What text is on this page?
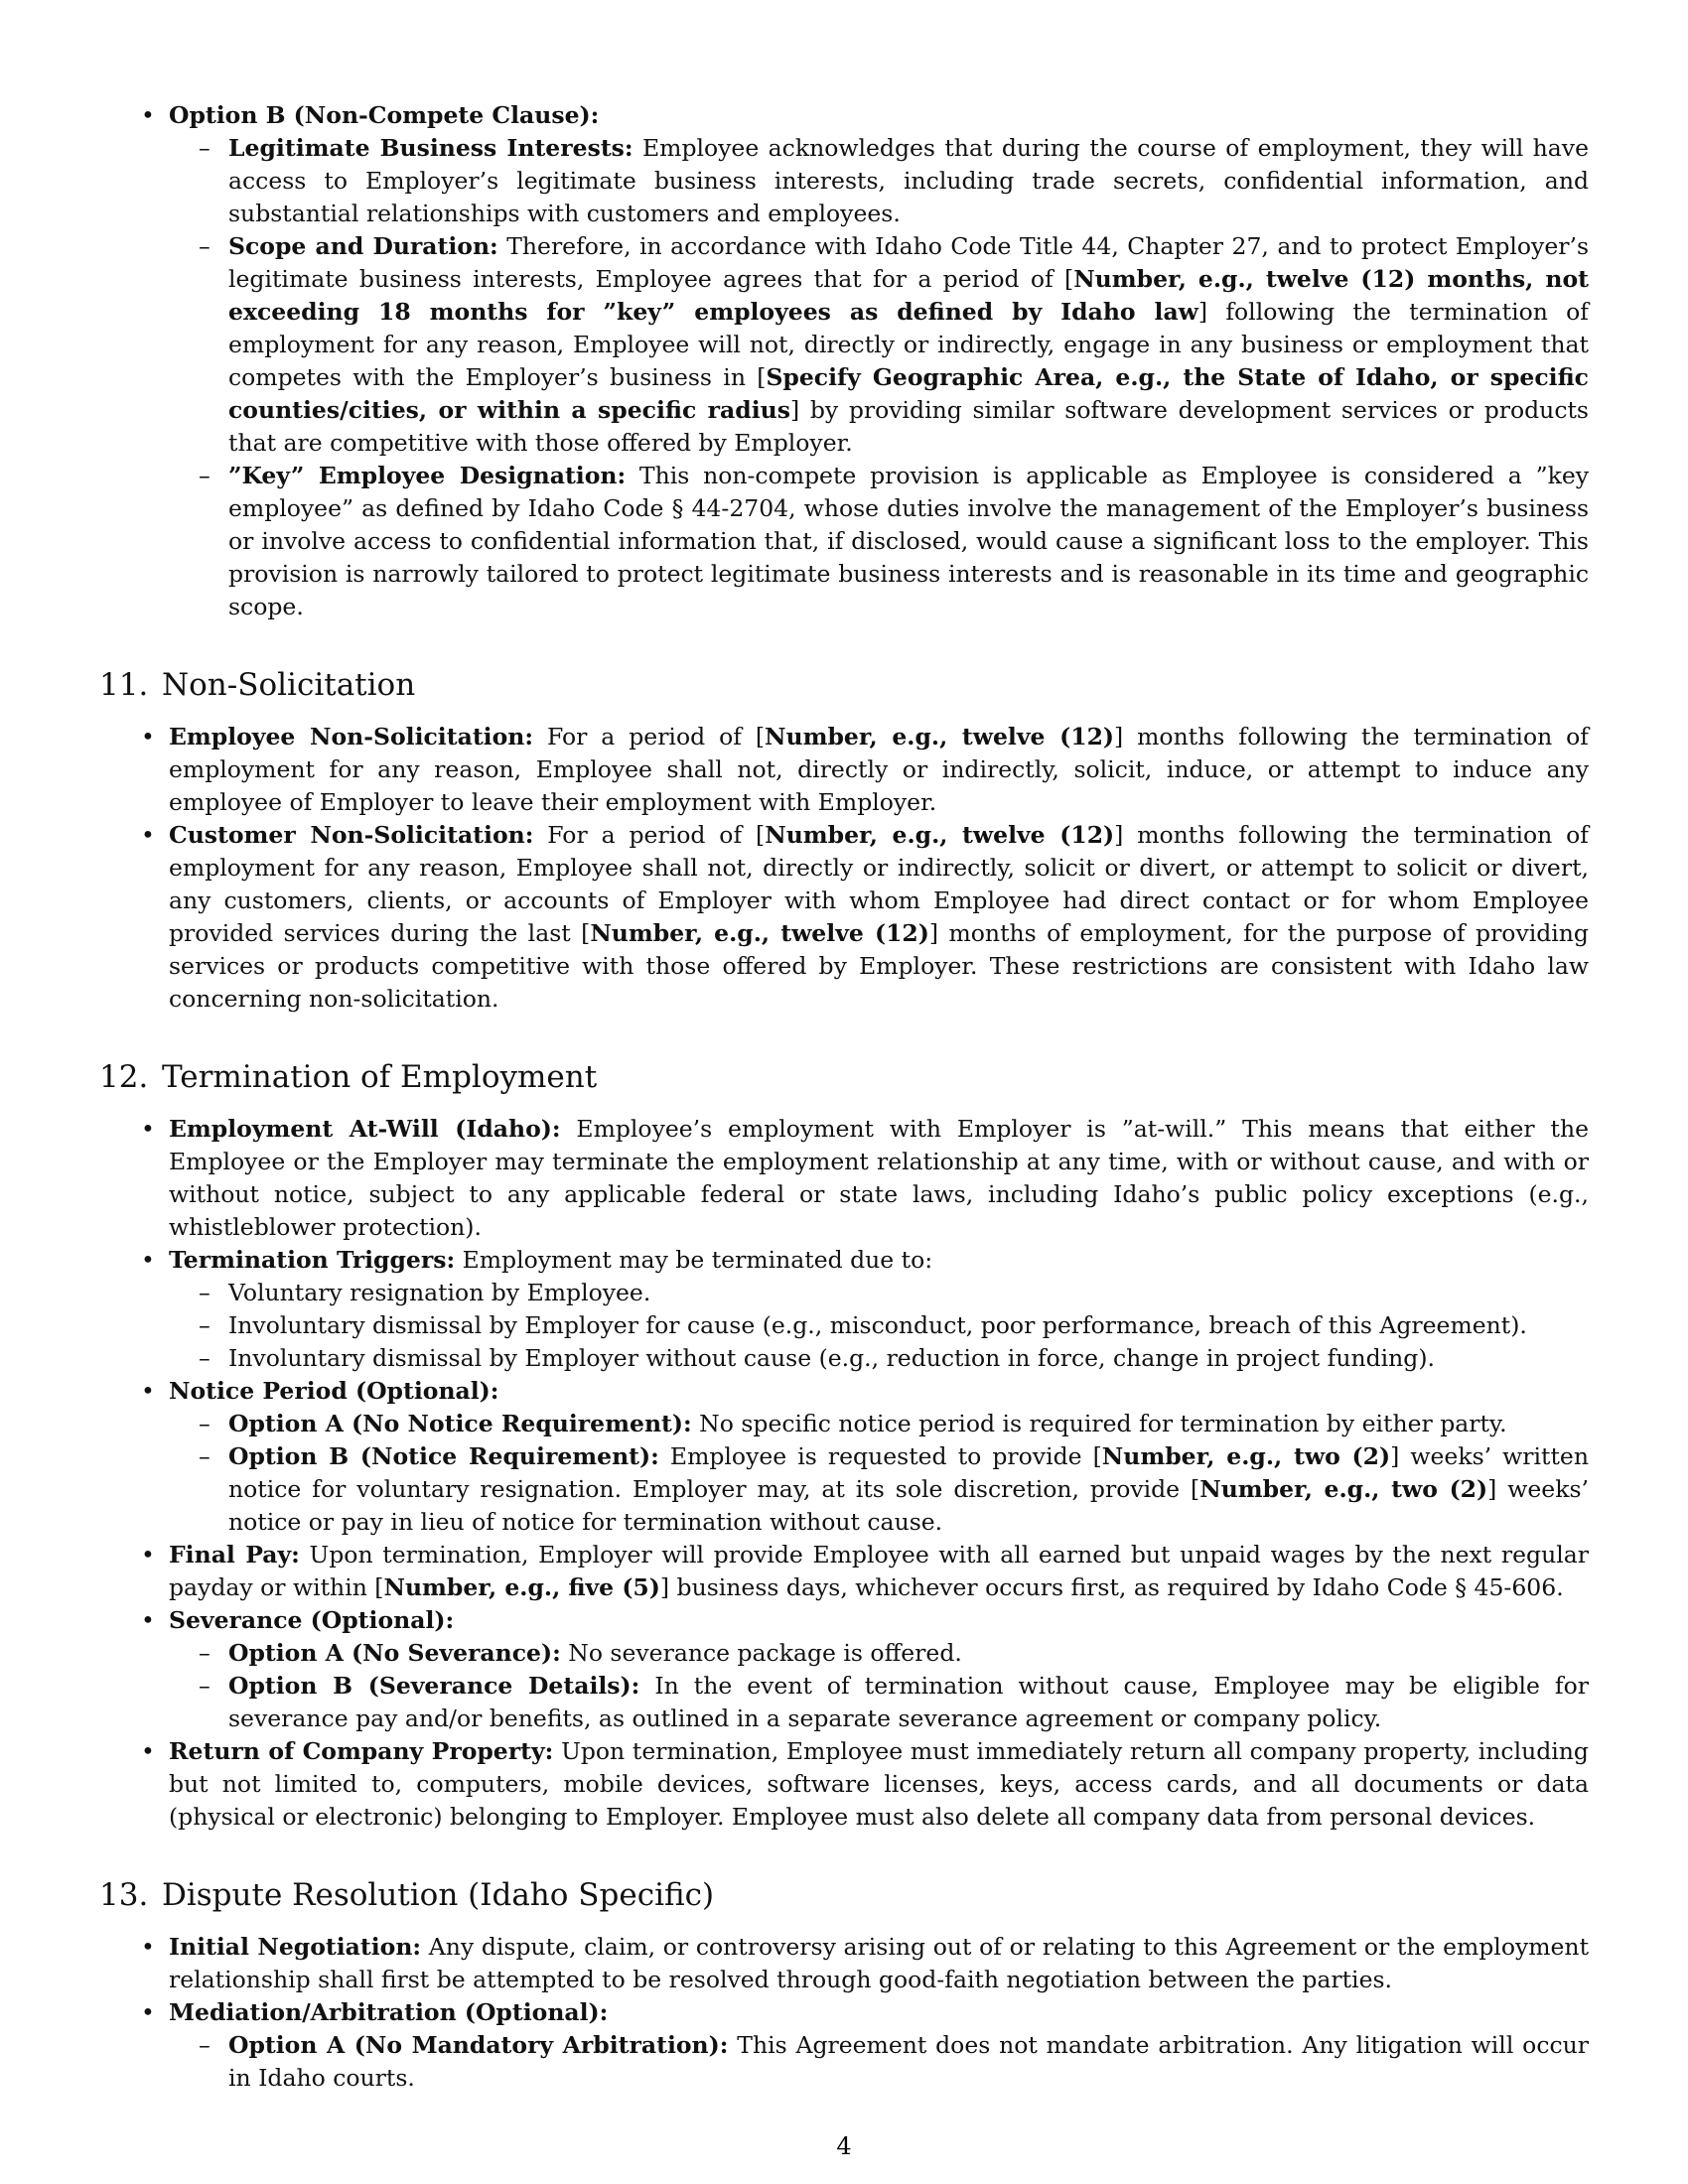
• Option B (Non-Compete Clause):
– Legitimate Business Interests: Employee acknowledges that during the course of employment, they will have access to Employer’s legitimate business interests, including trade secrets, confidential information, and substantial relationships with customers and employees.
– Scope and Duration: Therefore, in accordance with Idaho Code Title 44, Chapter 27, and to protect Employer’s legitimate business interests, Employee agrees that for a period of [Number, e.g., twelve (12) months, not exceeding 18 months for ”key” employees as defined by Idaho law] following the termination of employment for any reason, Employee will not, directly or indirectly, engage in any business or employment that competes with the Employer’s business in [Specify Geographic Area, e.g., the State of Idaho, or specific counties/cities, or within a specific radius] by providing similar software development services or products that are competitive with those offered by Employer.
– ”Key” Employee Designation: This non-compete provision is applicable as Employee is considered a ”key employee” as defined by Idaho Code § 44-2704, whose duties involve the management of the Employer’s business or involve access to confidential information that, if disclosed, would cause a significant loss to the employer. This provision is narrowly tailored to protect legitimate business interests and is reasonable in its time and geographic scope.
11. Non-Solicitation
• Employee Non-Solicitation: For a period of [Number, e.g., twelve (12)] months following the termination of employment for any reason, Employee shall not, directly or indirectly, solicit, induce, or attempt to induce any employee of Employer to leave their employment with Employer.
• Customer Non-Solicitation: For a period of [Number, e.g., twelve (12)] months following the termination of employment for any reason, Employee shall not, directly or indirectly, solicit or divert, or attempt to solicit or divert, any customers, clients, or accounts of Employer with whom Employee had direct contact or for whom Employee provided services during the last [Number, e.g., twelve (12)] months of employment, for the purpose of providing services or products competitive with those offered by Employer. These restrictions are consistent with Idaho law concerning non-solicitation.
12. Termination of Employment
• Employment At-Will (Idaho): Employee’s employment with Employer is ”at-will.” This means that either the Employee or the Employer may terminate the employment relationship at any time, with or without cause, and with or without notice, subject to any applicable federal or state laws, including Idaho’s public policy exceptions (e.g., whistleblower protection).
• Termination Triggers: Employment may be terminated due to:
– Voluntary resignation by Employee.
– Involuntary dismissal by Employer for cause (e.g., misconduct, poor performance, breach of this Agreement).
– Involuntary dismissal by Employer without cause (e.g., reduction in force, change in project funding).
• Notice Period (Optional):
– Option A (No Notice Requirement): No specific notice period is required for termination by either party.
– Option B (Notice Requirement): Employee is requested to provide [Number, e.g., two (2)] weeks’ written notice for voluntary resignation. Employer may, at its sole discretion, provide [Number, e.g., two (2)] weeks’ notice or pay in lieu of notice for termination without cause.
• Final Pay: Upon termination, Employer will provide Employee with all earned but unpaid wages by the next regular payday or within [Number, e.g., five (5)] business days, whichever occurs first, as required by Idaho Code § 45-606.
• Severance (Optional):
– Option A (No Severance): No severance package is offered.
– Option B (Severance Details): In the event of termination without cause, Employee may be eligible for severance pay and/or benefits, as outlined in a separate severance agreement or company policy.
• Return of Company Property: Upon termination, Employee must immediately return all company property, including but not limited to, computers, mobile devices, software licenses, keys, access cards, and all documents or data (physical or electronic) belonging to Employer. Employee must also delete all company data from personal devices.
13. Dispute Resolution (Idaho Specific)
• Initial Negotiation: Any dispute, claim, or controversy arising out of or relating to this Agreement or the employment relationship shall first be attempted to be resolved through good-faith negotiation between the parties.
• Mediation/Arbitration (Optional):
– Option A (No Mandatory Arbitration): This Agreement does not mandate arbitration. Any litigation will occur in Idaho courts.
4
